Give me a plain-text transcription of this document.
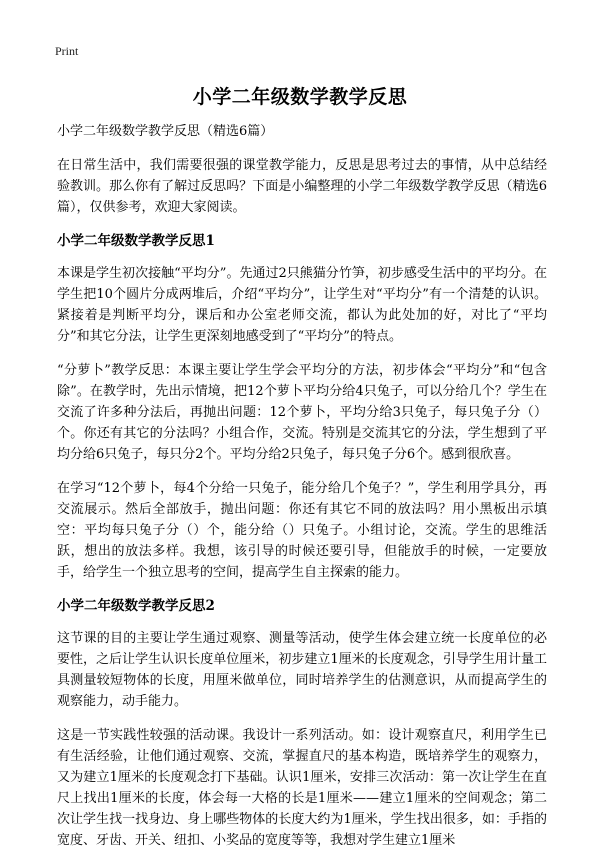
Print
小学二年级数学教学反思

小学二年级数学教学反思（精选6篇）

在日常生活中，我们需要很强的课堂教学能力，反思是思考过去的事情，从中总结经验教训。那么你有了解过反思吗？下面是小编整理的小学二年级数学教学反思（精选6篇），仅供参考，欢迎大家阅读。

小学二年级数学教学反思1

本课是学生初次接触“平均分”。先通过2只熊猫分竹笋，初步感受生活中的平均分。在学生把10个圆片分成两堆后，介绍“平均分”，让学生对“平均分”有一个清楚的认识。紧接着是判断平均分，课后和办公室老师交流，都认为此处加的好，对比了“平均分”和其它分法，让学生更深刻地感受到了“平均分”的特点。

“分萝卜”教学反思：本课主要让学生学会平均分的方法，初步体会“平均分”和“包含除”。在教学时，先出示情境，把12个萝卜平均分给4只兔子，可以分给几个？学生在交流了许多种分法后，再抛出问题：12个萝卜，平均分给3只兔子，每只兔子分（）个。你还有其它的分法吗？小组合作，交流。特别是交流其它的分法，学生想到了平均分给6只兔子，每只分2个。平均分给2只兔子，每只兔子分6个。感到很欣喜。

在学习“12个萝卜，每4个分给一只兔子，能分给几个兔子？”，学生利用学具分，再交流展示。然后全部放手，抛出问题：你还有其它不同的放法吗？用小黑板出示填空：平均每只兔子分（）个，能分给（）只兔子。小组讨论，交流。学生的思维活跃，想出的放法多样。我想，该引导的时候还要引导，但能放手的时候，一定要放手，给学生一个独立思考的空间，提高学生自主探索的能力。

小学二年级数学教学反思2

这节课的目的主要让学生通过观察、测量等活动，使学生体会建立统一长度单位的必要性，之后让学生认识长度单位厘米，初步建立1厘米的长度观念，引导学生用计量工具测量较短物体的长度，用厘米做单位，同时培养学生的估测意识，从而提高学生的观察能力，动手能力。

这是一节实践性较强的活动课。我设计一系列活动。如：设计观察直尺，利用学生已有生活经验，让他们通过观察、交流，掌握直尺的基本构造，既培养学生的观察力，又为建立1厘米的长度观念打下基础。认识1厘米，安排三次活动：第一次让学生在直尺上找出1厘米的长度，体会每一大格的长是1厘米——建立1厘米的空间观念；第二次让学生找一找身边、身上哪些物体的长度大约为1厘米，学生找出很多，如：手指的宽度、牙齿、开关、纽扣、小奖品的宽度等等，我想对学生建立1厘米
